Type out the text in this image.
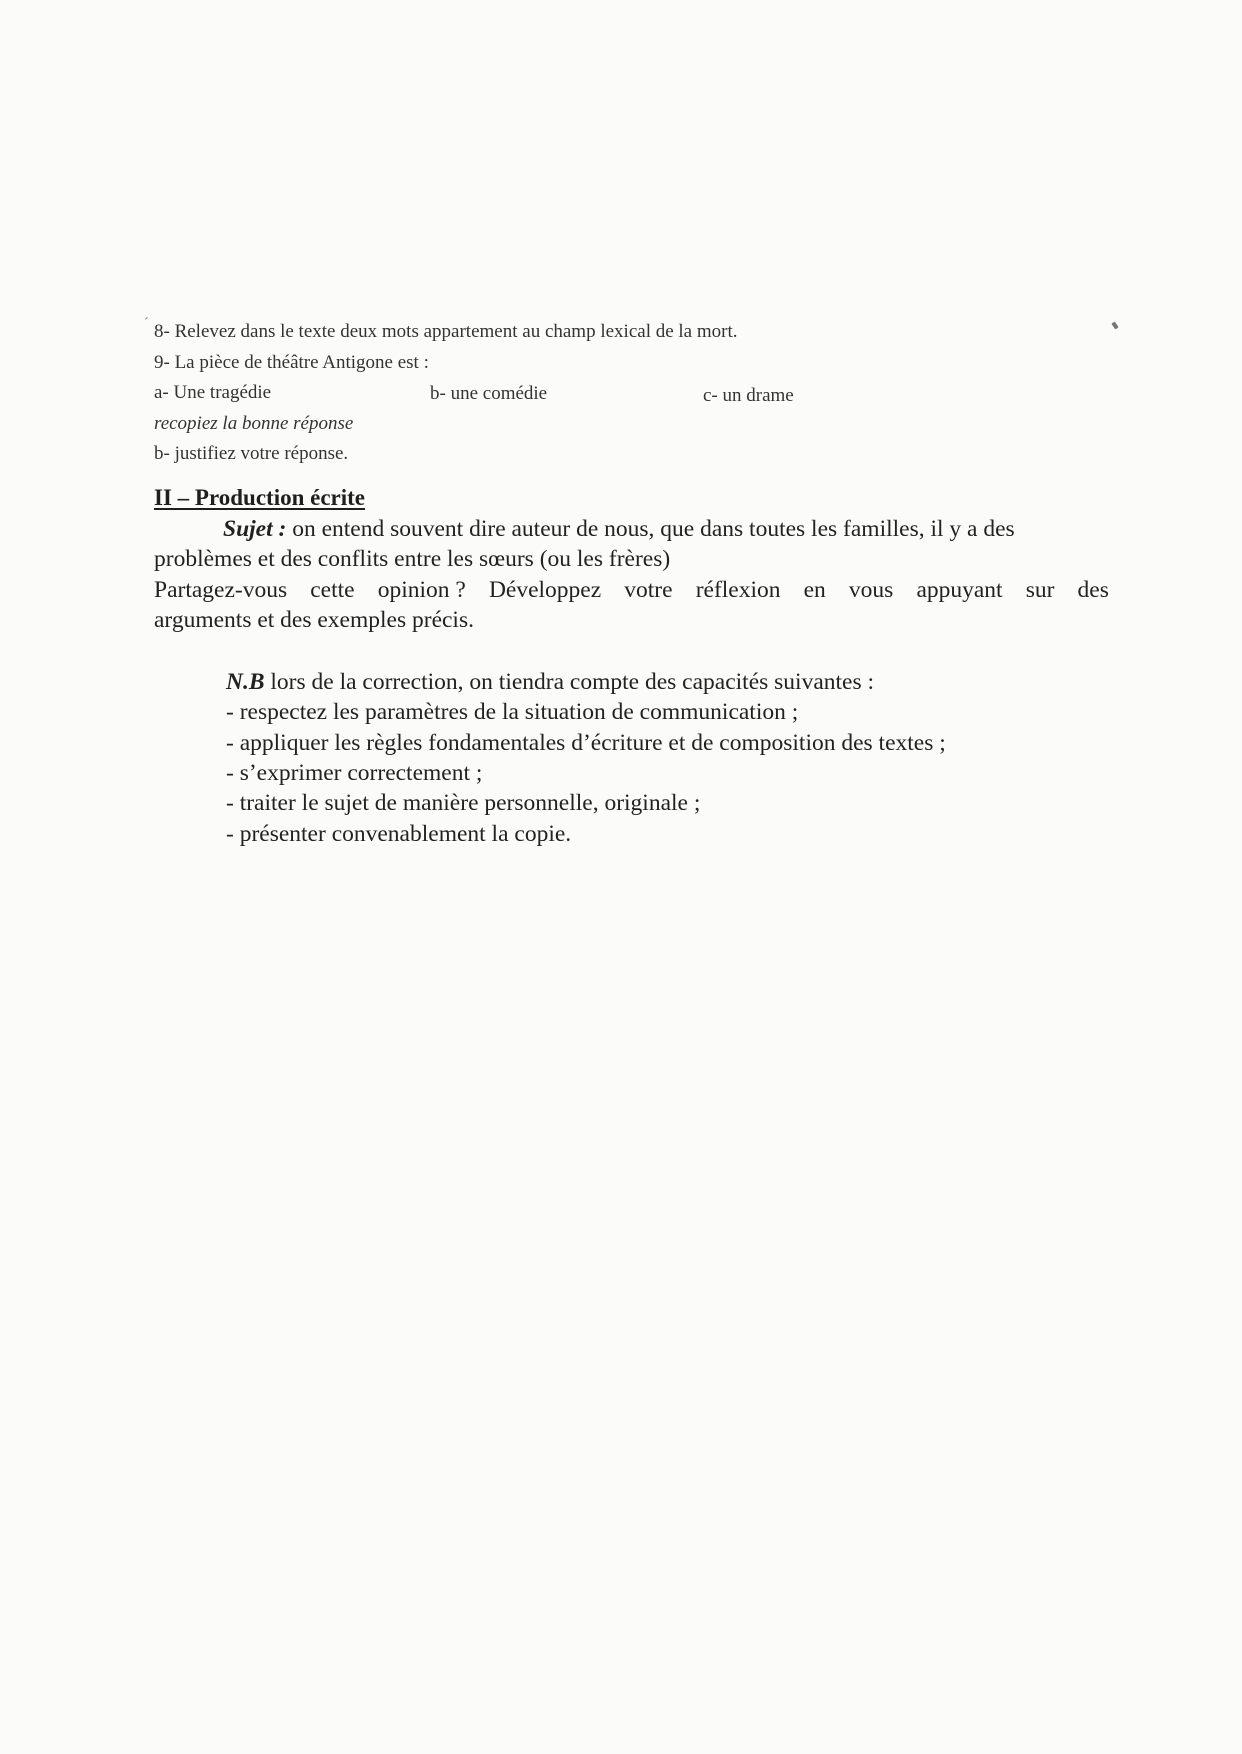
ˊ 8- Relevez dans le texte deux mots appartement au champ lexical de la mort.
9- La pièce de théâtre Antigone est :
a- Une tragédie	b- une comédie	c- un drame
recopiez la bonne réponse
b- justifiez votre réponse.
II – Production écrite
Sujet : on entend souvent dire auteur de nous, que dans toutes les familles, il y a des
problèmes et des conflits entre les sœurs (ou les frères)
Partagez-vous cette opinion ? Développez votre réflexion en vous appuyant sur des
arguments et des exemples précis.
N.B lors de la correction, on tiendra compte des capacités suivantes :
- respectez les paramètres de la situation de communication ;
- appliquer les règles fondamentales d’écriture et de composition des textes ;
- s’exprimer correctement ;
- traiter le sujet de manière personnelle, originale ;
- présenter convenablement la copie.
